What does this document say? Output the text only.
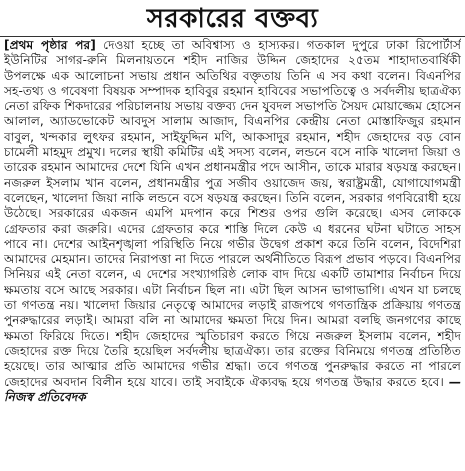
সরকারের বক্তব্য

[প্রথম পৃষ্ঠার পর] দেওয়া হচ্ছে তা অবিশ্বাস্য ও হাস্যকর। গতকাল দুপুরে ঢাকা রিপোর্টার্স ইউনিটির সাগর-রুনি মিলনায়তনে শহীদ নাজির উদ্দিন জেহাদের ২৫তম শাহাদাতবার্ষিকী উপলক্ষে এক আলোচনা সভায় প্রধান অতিথির বক্তৃতায় তিনি এ সব কথা বলেন। বিএনপির সহ-তথ্য ও গবেষণা বিষয়ক সম্পাদক হাবিবুর রহমান হাবিবের সভাপতিত্বে ও সর্বদলীয় ছাত্রঐক্য নেতা রফিক শিকদারের পরিচালনায় সভায় বক্তব্য দেন যুবদল সভাপতি সৈয়দ মোয়াজ্জেম হোসেন আলাল, অ্যাডভোকেট আবদুস সালাম আজাদ, বিএনপির কেন্দ্রীয় নেতা মোস্তাফিজুর রহমান বাবুল, খন্দকার লুৎফর রহমান, সাইফুদ্দিন মণি, আকসাদুর রহমান, শহীদ জেহাদের বড় বোন চামেলী মাহমুদ প্রমুখ। দলের স্থায়ী কমিটির এই সদস্য বলেন, লন্ডনে বসে নাকি খালেদা জিয়া ও তারেক রহমান আমাদের দেশে যিনি এখন প্রধানমন্ত্রীর পদে আসীন, তাকে মারার ষড়যন্ত্র করছেন। নজরুল ইসলাম খান বলেন, প্রধানমন্ত্রীর পুত্র সজীব ওয়াজেদ জয়, স্বরাষ্ট্রমন্ত্রী, যোগাযোগমন্ত্রী বলেছেন, খালেদা জিয়া নাকি লন্ডনে বসে ষড়যন্ত্র করছেন। তিনি বলেন, সরকার গণবিরোধী হয়ে উঠেছে। সরকারের একজন এমপি মদপান করে শিশুর ওপর গুলি করেছে। এসব লোককে গ্রেফতার করা জরুরি। এদের গ্রেফতার করে শাস্তি দিলে কেউ এ ধরনের ঘটনা ঘটাতে সাহস পাবে না। দেশের আইনশৃঙ্খলা পরিস্থিতি নিয়ে গভীর উদ্বেগ প্রকাশ করে তিনি বলেন, বিদেশিরা আমাদের মেহমান। তাদের নিরাপত্তা না দিতে পারলে অর্থনীতিতে বিরূপ প্রভাব পড়বে। বিএনপির সিনিয়র এই নেতা বলেন, এ দেশের সংখ্যাগরিষ্ঠ লোক বাদ দিয়ে একটি তামাশার নির্বাচন দিয়ে ক্ষমতায় বসে আছে সরকার। এটা নির্বাচন ছিল না। এটা ছিল আসন ভাগাভাগি। এখন যা চলছে তা গণতন্ত্র নয়। খালেদা জিয়ার নেতৃত্বে আমাদের লড়াই রাজপথে গণতান্ত্রিক প্রক্রিয়ায় গণতন্ত্র পুনরুদ্ধারের লড়াই। আমরা বলি না আমাদের ক্ষমতা দিয়ে দিন। আমরা বলছি জনগণের কাছে ক্ষমতা ফিরিয়ে দিতে। শহীদ জেহাদের স্মৃতিচারণ করতে গিয়ে নজরুল ইসলাম বলেন, শহীদ জেহাদের রক্ত দিয়ে তৈরি হয়েছিল সর্বদলীয় ছাত্রঐক্য। তার রক্তের বিনিময়ে গণতন্ত্র প্রতিষ্ঠিত হয়েছে। তার আত্মার প্রতি আমাদের গভীর শ্রদ্ধা। তবে গণতন্ত্র পুনরুদ্ধার করতে না পারলে জেহাদের অবদান বিলীন হয়ে যাবে। তাই সবাইকে ঐক্যবদ্ধ হয়ে গণতন্ত্র উদ্ধার করতে হবে। —নিজস্ব প্রতিবেদক
